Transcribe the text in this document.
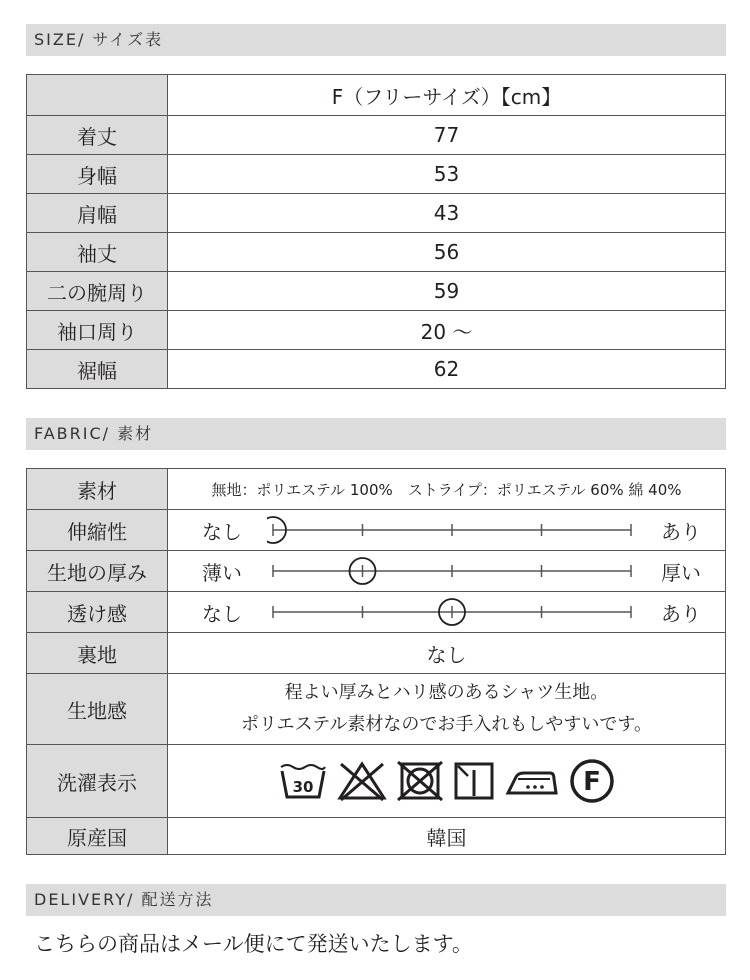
SIZE/ サイズ表
	F（フリーサイズ）【cm】
着丈	77
身幅	53
肩幅	43
袖丈	56
二の腕周り	59
袖口周り	20 〜
裾幅	62
FABRIC/ 素材
素材	無地：ポリエステル 100%　ストライプ：ポリエステル 60% 綿 40%
伸縮性	なし あり

生地の厚み	薄い 厚い

透け感	なし あり

裏地	なし
生地感	程よい厚みとハリ感のあるシャツ生地。
ポリエステル素材なのでお手入れもしやすいです。

洗濯表示	30 F

原産国	韓国
DELIVERY/ 配送方法
こちらの商品はメール便にて発送いたします。
